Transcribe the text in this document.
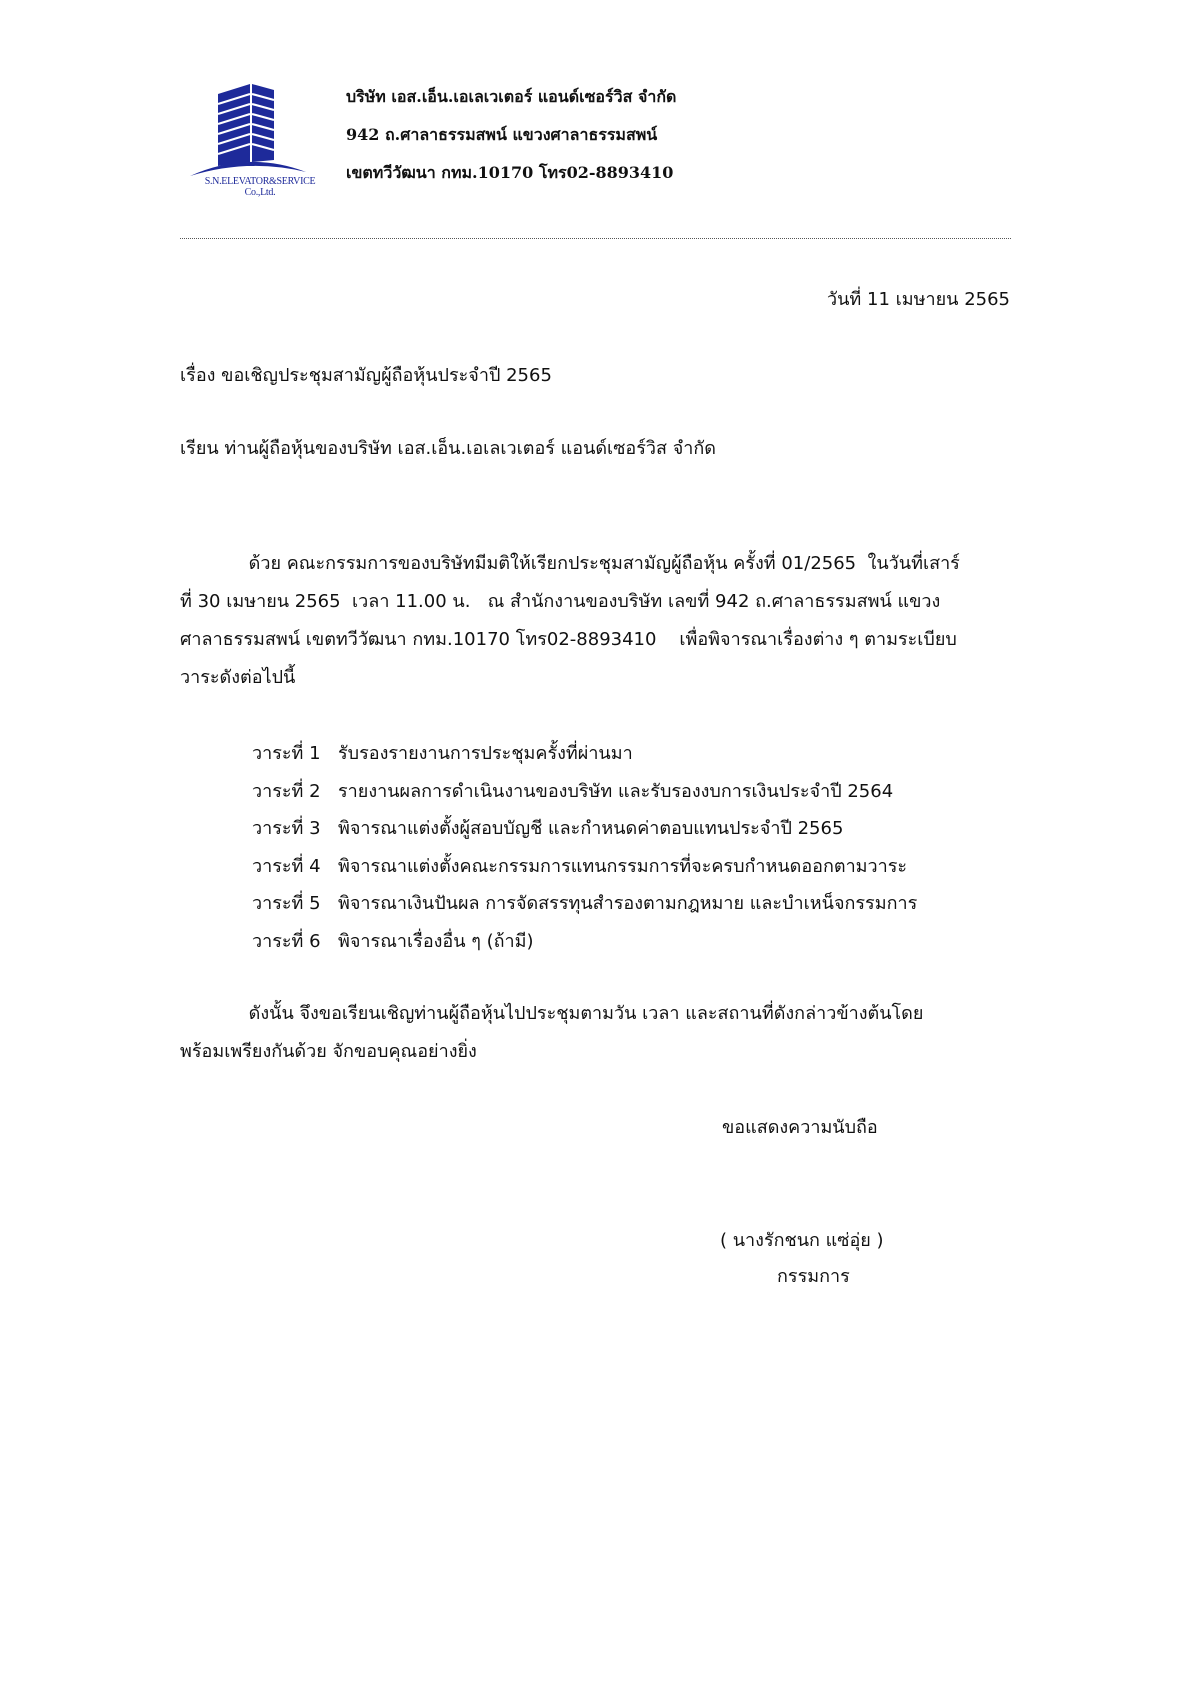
S.N.ELEVATOR&SERVICE Co.,Ltd.
บริษัท เอส.เอ็น.เอเลเวเตอร์ แอนด์เซอร์วิส จำกัด
942 ถ.ศาลาธรรมสพน์ แขวงศาลาธรรมสพน์
เขตทวีวัฒนา กทม.10170 โทร02-8893410
วันที่ 11 เมษายน 2565
เรื่อง ขอเชิญประชุมสามัญผู้ถือหุ้นประจำปี 2565
เรียน ท่านผู้ถือหุ้นของบริษัท เอส.เอ็น.เอเลเวเตอร์ แอนด์เซอร์วิส จำกัด
ด้วย คณะกรรมการของบริษัทมีมติให้เรียกประชุมสามัญผู้ถือหุ้น ครั้งที่ 01/2565  ในวันที่เสาร์
ที่ 30 เมษายน 2565  เวลา 11.00 น.   ณ สำนักงานของบริษัท เลขที่ 942 ถ.ศาลาธรรมสพน์ แขวง
ศาลาธรรมสพน์ เขตทวีวัฒนา กทม.10170 โทร02-8893410    เพื่อพิจารณาเรื่องต่าง ๆ ตามระเบียบ
วาระดังต่อไปนี้
วาระที่ 1 รับรองรายงานการประชุมครั้งที่ผ่านมา
วาระที่ 2 รายงานผลการดำเนินงานของบริษัท และรับรองงบการเงินประจำปี 2564
วาระที่ 3 พิจารณาแต่งตั้งผู้สอบบัญชี และกำหนดค่าตอบแทนประจำปี 2565
วาระที่ 4 พิจารณาแต่งตั้งคณะกรรมการแทนกรรมการที่จะครบกำหนดออกตามวาระ
วาระที่ 5 พิจารณาเงินปันผล การจัดสรรทุนสำรองตามกฎหมาย และบำเหน็จกรรมการ
วาระที่ 6 พิจารณาเรื่องอื่น ๆ (ถ้ามี)
ดังนั้น จึงขอเรียนเชิญท่านผู้ถือหุ้นไปประชุมตามวัน เวลา และสถานที่ดังกล่าวข้างต้นโดย
พร้อมเพรียงกันด้วย จักขอบคุณอย่างยิ่ง
ขอแสดงความนับถือ
( นางรักชนก แซ่อุ่ย )
กรรมการ
